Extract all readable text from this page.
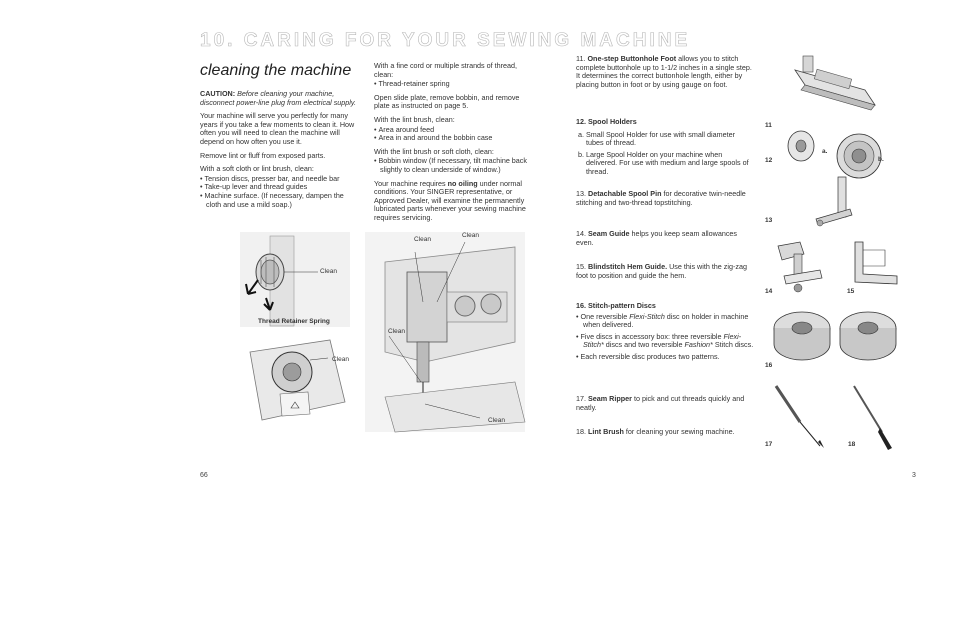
10. CARING FOR YOUR SEWING MACHINE
cleaning the machine

CAUTION: Before cleaning your machine, disconnect power-line plug from electrical supply.

Your machine will serve you perfectly for many years if you take a few moments to clean it. How often you will need to clean the machine will depend on how often you use it.

Remove lint or fluff from exposed parts.

With a soft cloth or lint brush, clean:

• Tension discs, presser bar, and needle bar
• Take-up lever and thread guides
• Machine surface. (If necessary, dampen the cloth and use a mild soap.)

With a fine cord or multiple strands of thread, clean:

• Thread-retainer spring

Open slide plate, remove bobbin, and remove plate as instructed on page 5.

With the lint brush, clean:

• Area around feed
• Area in and around the bobbin case

With the lint brush or soft cloth, clean:

• Bobbin window (If necessary, tilt machine back slightly to clean underside of window.)

Your machine requires no oiling under normal conditions. Your SINGER representative, or Approved Dealer, will examine the permanently lubricated parts whenever your sewing machine requires servicing.

Clean
Thread Retainer Spring
Clean
Clean
Clean
Clean
Clean
66

11. One-step Buttonhole Foot allows you to stitch complete buttonhole up to 1-1/2 inches in a single step. It determines the correct buttonhole length, either by placing button in foot or by using gauge on foot.

12. Spool Holders

a. Small Spool Holder for use with small diameter tubes of thread.
b. Large Spool Holder on your machine when delivered. For use with medium and large spools of thread.

13. Detachable Spool Pin for decorative twin-needle stitching and two-thread topstitching.

14. Seam Guide helps you keep seam allowances even.

15. Blindstitch Hem Guide. Use this with the zig-zag foot to position and guide the hem.

16. Stitch-pattern Discs

• One reversible Flexi-Stitch disc on holder in machine when delivered.
• Five discs in accessory box: three reversible Flexi-Stitch* discs and two reversible Fashion* Stitch discs.
• Each reversible disc produces two patterns.

17. Seam Ripper to pick and cut threads quickly and neatly.

18. Lint Brush for cleaning your sewing machine.

11
a.
12	b.
13
14	15
16
17	18
3
